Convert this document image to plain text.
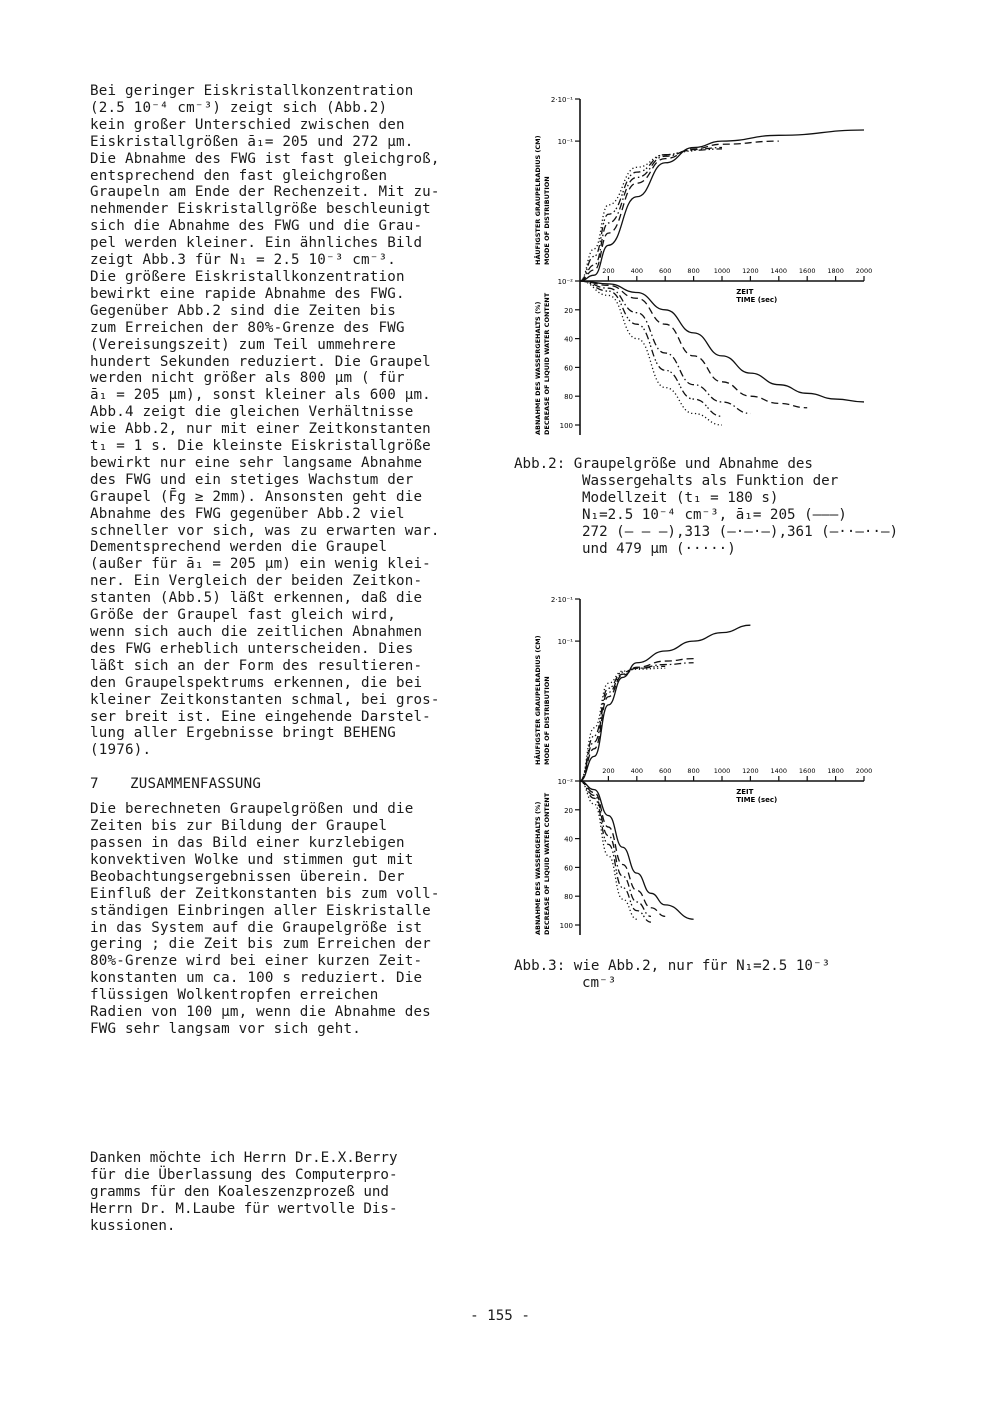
Bei geringer Eiskristallkonzentration
(2.5 10⁻⁴ cm⁻³) zeigt sich (Abb.2)
kein großer Unterschied zwischen den
Eiskristallgrößen ā₁= 205 und 272 µm.
Die Abnahme des FWG ist fast gleichgroß,
entsprechend den fast gleichgroßen
Graupeln am Ende der Rechenzeit. Mit zu-
nehmender Eiskristallgröße beschleunigt
sich die Abnahme des FWG und die Grau-
pel werden kleiner. Ein ähnliches Bild
zeigt Abb.3 für N₁ = 2.5 10⁻³ cm⁻³.
Die größere Eiskristallkonzentration
bewirkt eine rapide Abnahme des FWG.
Gegenüber Abb.2 sind die Zeiten bis
zum Erreichen der 80%-Grenze des FWG
(Vereisungszeit) zum Teil ummehrere
hundert Sekunden reduziert. Die Graupel
werden nicht größer als 800 µm ( für
ā₁ = 205 µm), sonst kleiner als 600 µm.
Abb.4 zeigt die gleichen Verhältnisse
wie Abb.2, nur mit einer Zeitkonstanten
t₁ = 1 s. Die kleinste Eiskristallgröße
bewirkt nur eine sehr langsame Abnahme
des FWG und ein stetiges Wachstum der
Graupel (F̄g ≥ 2mm). Ansonsten geht die
Abnahme des FWG gegenüber Abb.2 viel
schneller vor sich, was zu erwarten war.
Dementsprechend werden die Graupel
(außer für ā₁ = 205 µm) ein wenig klei-
ner. Ein Vergleich der beiden Zeitkon-
stanten (Abb.5) läßt erkennen, daß die
Größe der Graupel fast gleich wird,
wenn sich auch die zeitlichen Abnahmen
des FWG erheblich unterscheiden. Dies
läßt sich an der Form des resultieren-
den Graupelspektrums erkennen, die bei
kleiner Zeitkonstanten schmal, bei gros-
ser breit ist. Eine eingehende Darstel-
lung aller Ergebnisse bringt BEHENG
(1976).
7 ZUSAMMENFASSUNG
Die berechneten Graupelgrößen und die
Zeiten bis zur Bildung der Graupel
passen in das Bild einer kurzlebigen
konvektiven Wolke und stimmen gut mit
Beobachtungsergebnissen überein. Der
Einfluß der Zeitkonstanten bis zum voll-
ständigen Einbringen aller Eiskristalle
in das System auf die Graupelgröße ist
gering ; die Zeit bis zum Erreichen der
80%-Grenze wird bei einer kurzen Zeit-
konstanten um ca. 100 s reduziert. Die
flüssigen Wolkentropfen erreichen
Radien von 100 µm, wenn die Abnahme des
FWG sehr langsam vor sich geht.
Danken möchte ich Herrn Dr.E.X.Berry
für die Überlassung des Computerpro-
gramms für den Koaleszenzprozeß und
Herrn Dr. M.Laube für wertvolle Dis-
kussionen.
- 155 -
HÄUFIGSTER GRAUPELRADIUS (CM) MODE OF DISTRIBUTION
ABNAHME DES WASSERGEHALTS (%) DECREASE OF LIQUID WATER CONTENT
2·10⁻¹
10⁻¹
10⁻²
20
40
60
80
100
200 400 600 800 1000 1200 1400 1600 1800 2000
ZEIT
TIME (sec)
Abb.2: Graupelgröße und Abnahme des
Wassergehalts als Funktion der
Modellzeit (t₁ = 180 s)
N₁=2.5 10⁻⁴ cm⁻³, ā₁= 205 (———)
272 (– – –),313 (–·–·–),361 (–··–··–)
und 479 µm (·····)
HÄUFIGSTER GRAUPELRADIUS (CM) MODE OF DISTRIBUTION
ABNAHME DES WASSERGEHALTS (%) DECREASE OF LIQUID WATER CONTENT
2·10⁻¹
10⁻¹
10⁻²
20
40
60
80
100
200 400 600 800 1000 1200 1400 1600 1800 2000
ZEIT
TIME (sec)
Abb.3: wie Abb.2, nur für N₁=2.5 10⁻³
cm⁻³
